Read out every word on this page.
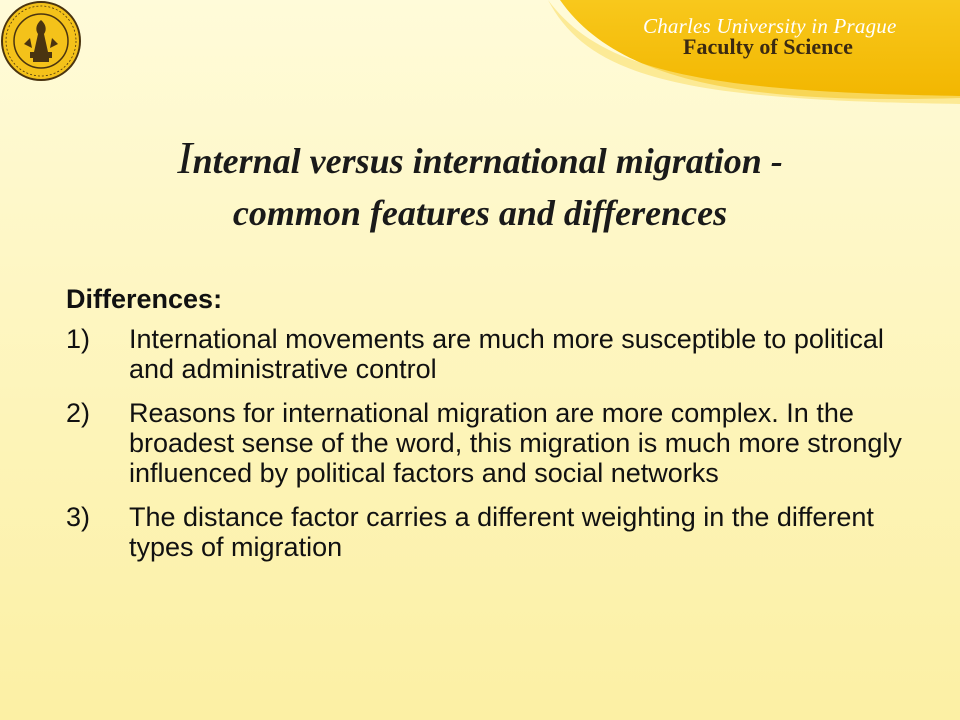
Charles University in Prague
Faculty of Science
Internal versus international migration -
common features and differences
Differences:
1) International movements are much more susceptible to political and administrative control
2) Reasons for international migration are more complex. In the broadest sense of the word, this migration is much more strongly influenced by political factors and social networks
3) The distance factor carries a different weighting in the different types of migration
